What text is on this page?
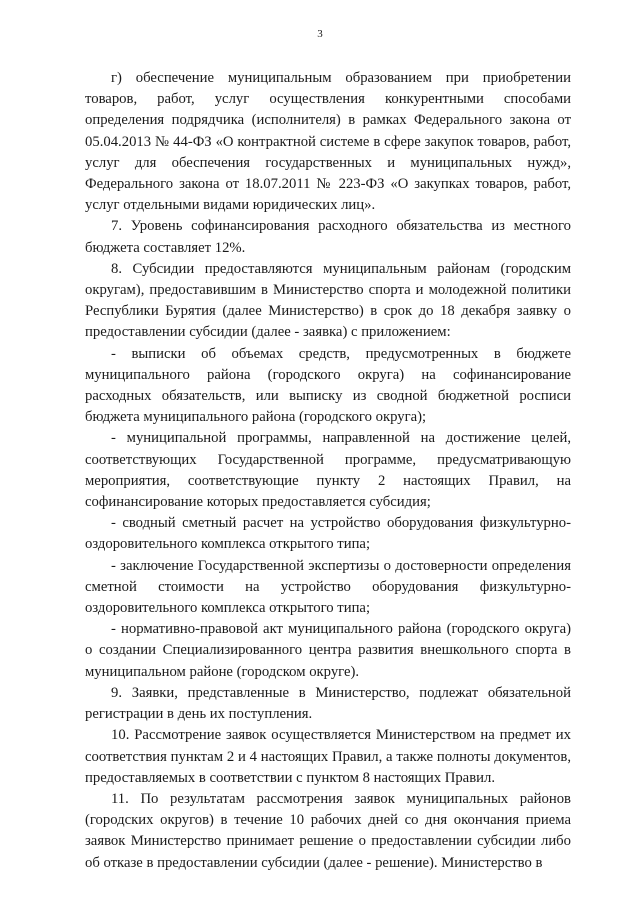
3

г) обеспечение муниципальным образованием при приобретении товаров, работ, услуг осуществления конкурентными способами определения подрядчика (исполнителя) в рамках Федерального закона от 05.04.2013 № 44-ФЗ «О контрактной системе в сфере закупок товаров, работ, услуг для обеспечения государственных и муниципальных нужд», Федерального закона от 18.07.2011 № 223-ФЗ «О закупках товаров, работ, услуг отдельными видами юридических лиц».

7. Уровень софинансирования расходного обязательства из местного бюджета составляет 12%.

8. Субсидии предоставляются муниципальным районам (городским округам), предоставившим в Министерство спорта и молодежной политики Республики Бурятия (далее Министерство) в срок до 18 декабря заявку о предоставлении субсидии (далее - заявка) с приложением:

- выписки об объемах средств, предусмотренных в бюджете муниципального района (городского округа) на софинансирование расходных обязательств, или выписку из сводной бюджетной росписи бюджета муниципального района (городского округа);

- муниципальной программы, направленной на достижение целей, соответствующих Государственной программе, предусматривающую мероприятия, соответствующие пункту 2 настоящих Правил, на софинансирование которых предоставляется субсидия;

- сводный сметный расчет на устройство оборудования физкультурно-оздоровительного комплекса открытого типа;

- заключение Государственной экспертизы о достоверности определения сметной стоимости на устройство оборудования физкультурно-оздоровительного комплекса открытого типа;

- нормативно-правовой акт муниципального района (городского округа) о создании Специализированного центра развития внешкольного спорта в муниципальном районе (городском округе).

9. Заявки, представленные в Министерство, подлежат обязательной регистрации в день их поступления.

10. Рассмотрение заявок осуществляется Министерством на предмет их соответствия пунктам 2 и 4 настоящих Правил, а также полноты документов, предоставляемых в соответствии с пунктом 8 настоящих Правил.

11. По результатам рассмотрения заявок муниципальных районов (городских округов) в течение 10 рабочих дней со дня окончания приема заявок Министерство принимает решение о предоставлении субсидии либо об отказе в предоставлении субсидии (далее - решение). Министерство в
